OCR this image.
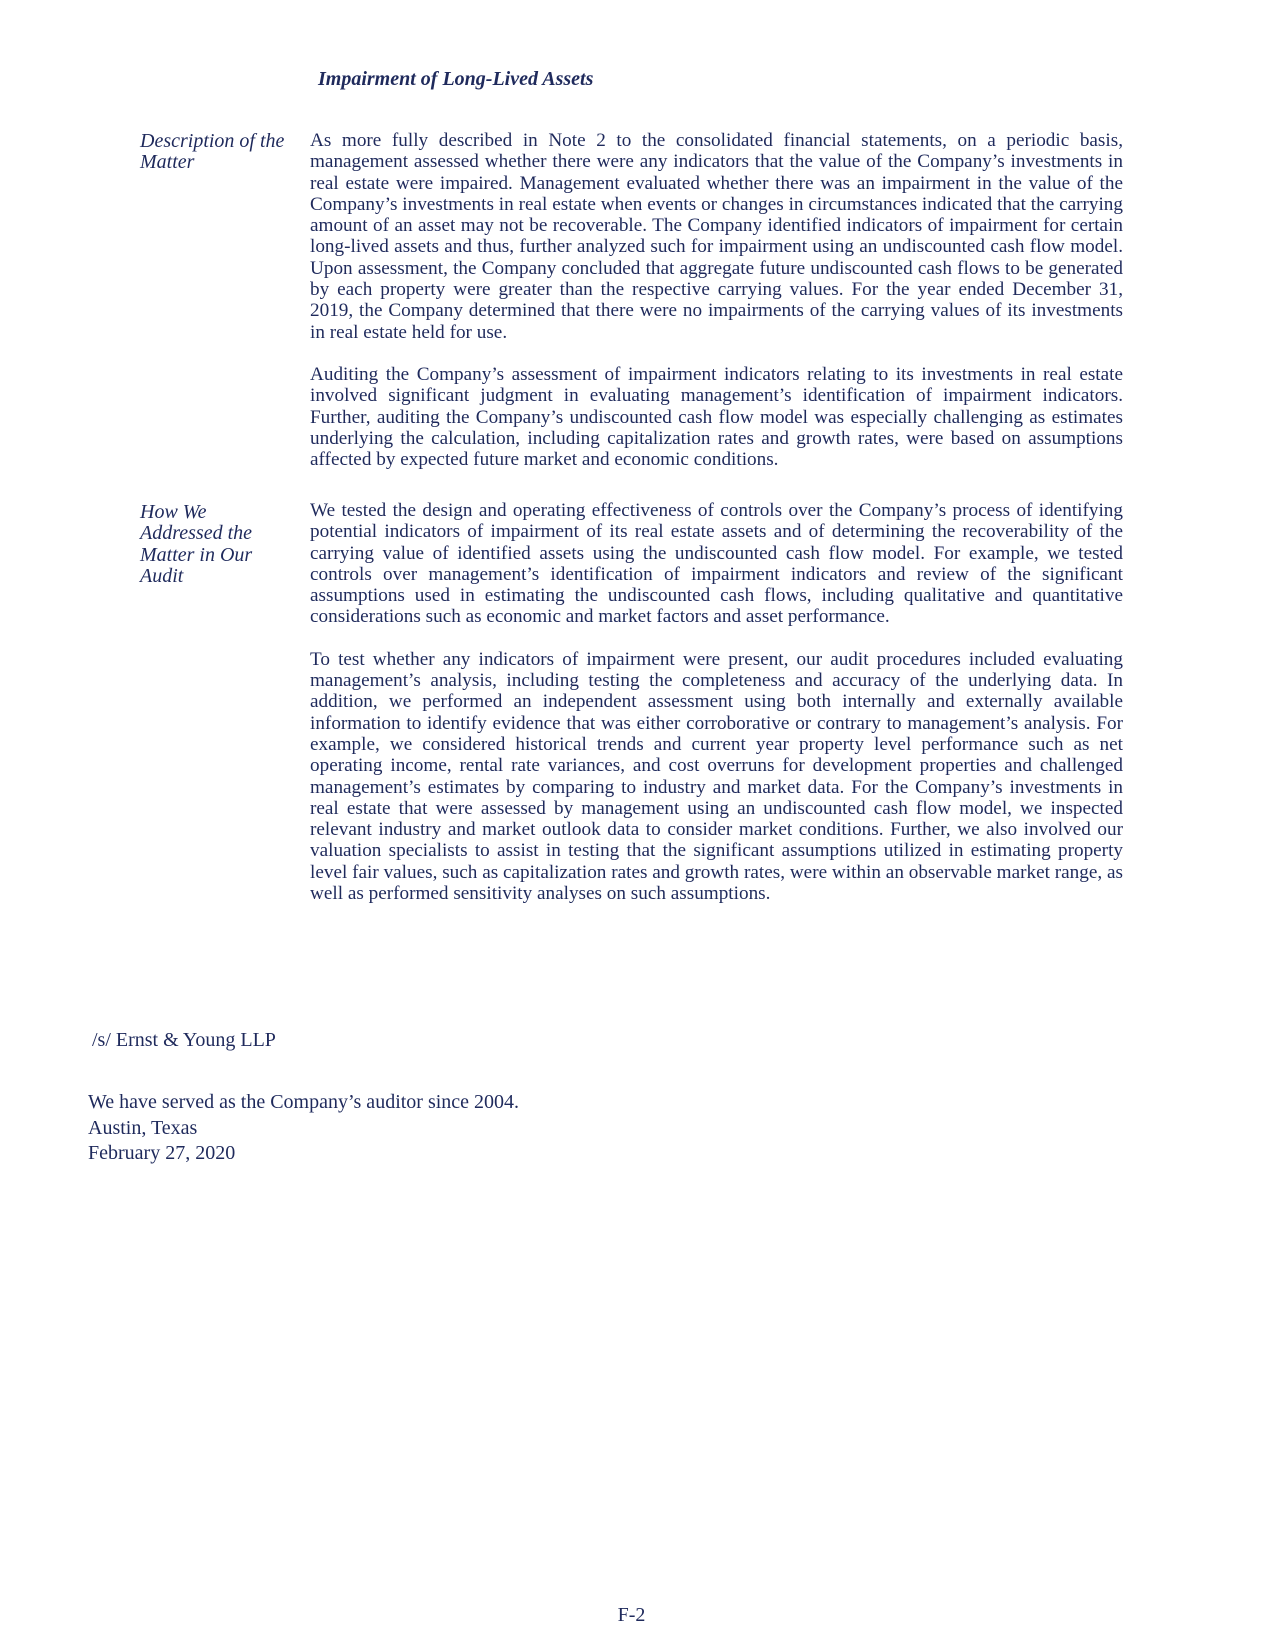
Impairment of Long-Lived Assets
Description of the Matter

As more fully described in Note 2 to the consolidated financial statements, on a periodic basis, management assessed whether there were any indicators that the value of the Company’s investments in real estate were impaired. Management evaluated whether there was an impairment in the value of the Company’s investments in real estate when events or changes in circumstances indicated that the carrying amount of an asset may not be recoverable. The Company identified indicators of impairment for certain long-lived assets and thus, further analyzed such for impairment using an undiscounted cash flow model. Upon assessment, the Company concluded that aggregate future undiscounted cash flows to be generated by each property were greater than the respective carrying values. For the year ended December 31, 2019, the Company determined that there were no impairments of the carrying values of its investments in real estate held for use.

Auditing the Company’s assessment of impairment indicators relating to its investments in real estate involved significant judgment in evaluating management’s identification of impairment indicators. Further, auditing the Company’s undiscounted cash flow model was especially challenging as estimates underlying the calculation, including capitalization rates and growth rates, were based on assumptions affected by expected future market and economic conditions.

How We Addressed the Matter in Our Audit

We tested the design and operating effectiveness of controls over the Company’s process of identifying potential indicators of impairment of its real estate assets and of determining the recoverability of the carrying value of identified assets using the undiscounted cash flow model. For example, we tested controls over management’s identification of impairment indicators and review of the significant assumptions used in estimating the undiscounted cash flows, including qualitative and quantitative considerations such as economic and market factors and asset performance.

To test whether any indicators of impairment were present, our audit procedures included evaluating management’s analysis, including testing the completeness and accuracy of the underlying data. In addition, we performed an independent assessment using both internally and externally available information to identify evidence that was either corroborative or contrary to management’s analysis. For example, we considered historical trends and current year property level performance such as net operating income, rental rate variances, and cost overruns for development properties and challenged management’s estimates by comparing to industry and market data. For the Company’s investments in real estate that were assessed by management using an undiscounted cash flow model, we inspected relevant industry and market outlook data to consider market conditions. Further, we also involved our valuation specialists to assist in testing that the significant assumptions utilized in estimating property level fair values, such as capitalization rates and growth rates, were within an observable market range, as well as performed sensitivity analyses on such assumptions.

/s/ Ernst & Young LLP
We have served as the Company’s auditor since 2004.
Austin, Texas
February 27, 2020
F-2
